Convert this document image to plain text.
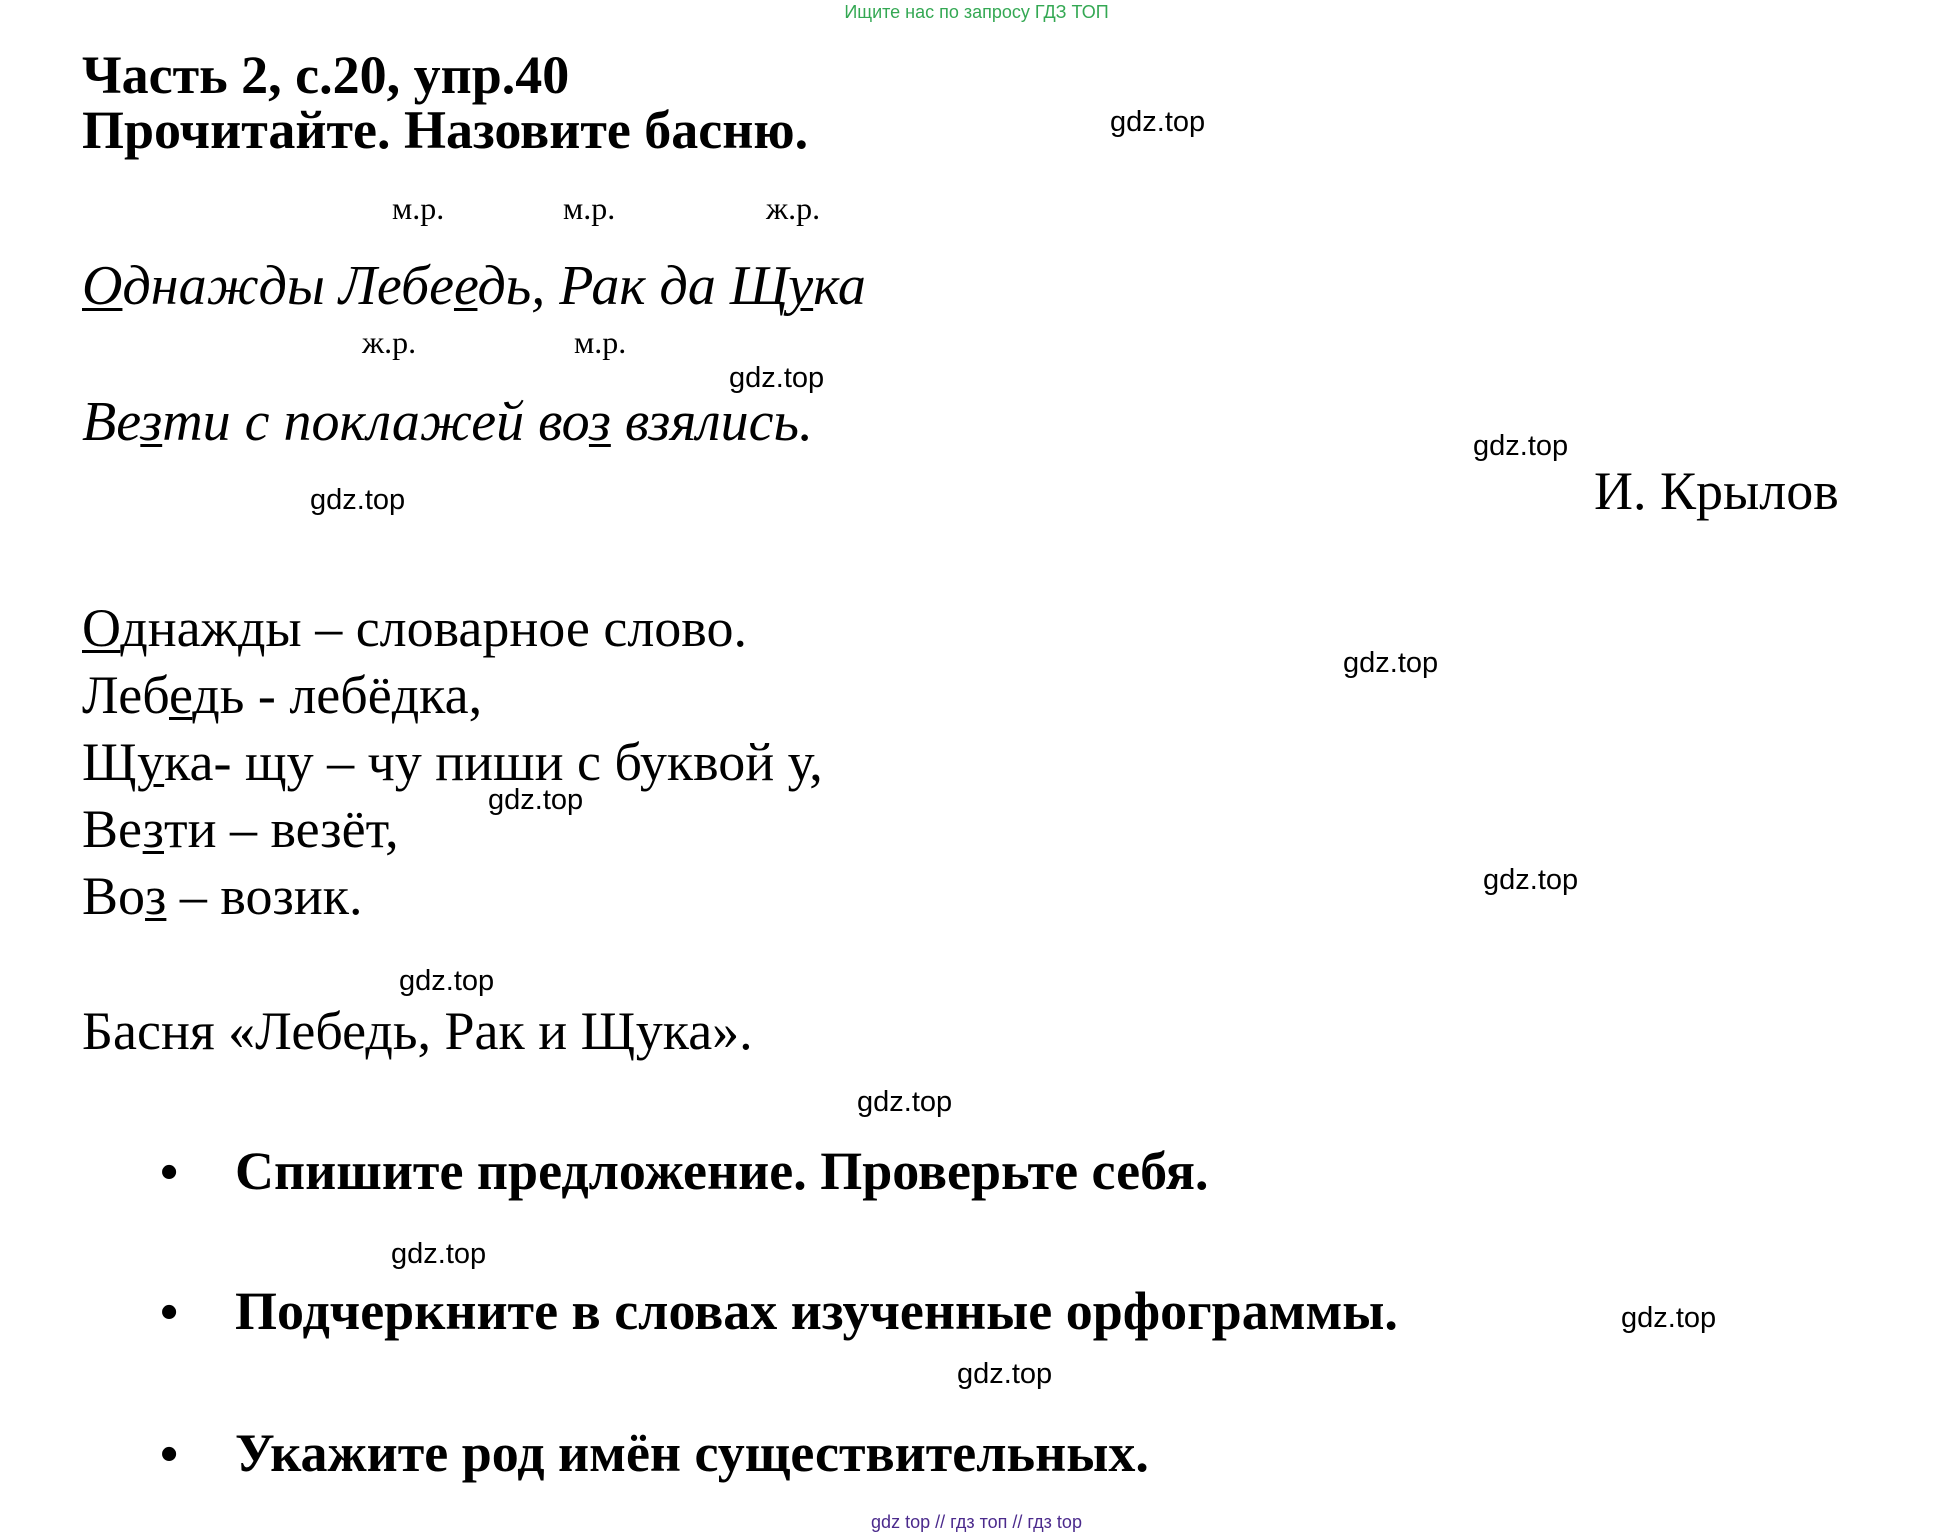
Ищите нас по запросу ГДЗ ТОП
Часть 2, с.20, упр.40
Прочитайте. Назовите басню.
м.р.	м.р.	ж.р.
Однажды Лебеедь, Рак да Щука
ж.р.	м.р.
Везти с поклажей воз взялись.
И. Крылов
Однажды – словарное слово.
Лебедь - лебёдка,
Щука- щу – чу пиши с буквой у,
Везти – везёт,
Воз – возик.
Басня «Лебедь, Рак и Щука».
• Спишите предложение. Проверьте себя.
• Подчеркните в словах изученные орфограммы.
• Укажите род имён существительных.
gdz.top
gdz.top
gdz.top
gdz.top
gdz.top
gdz.top
gdz.top
gdz.top
gdz.top
gdz.top
gdz.top
gdz.top
gdz top // гдз топ // гдз top
